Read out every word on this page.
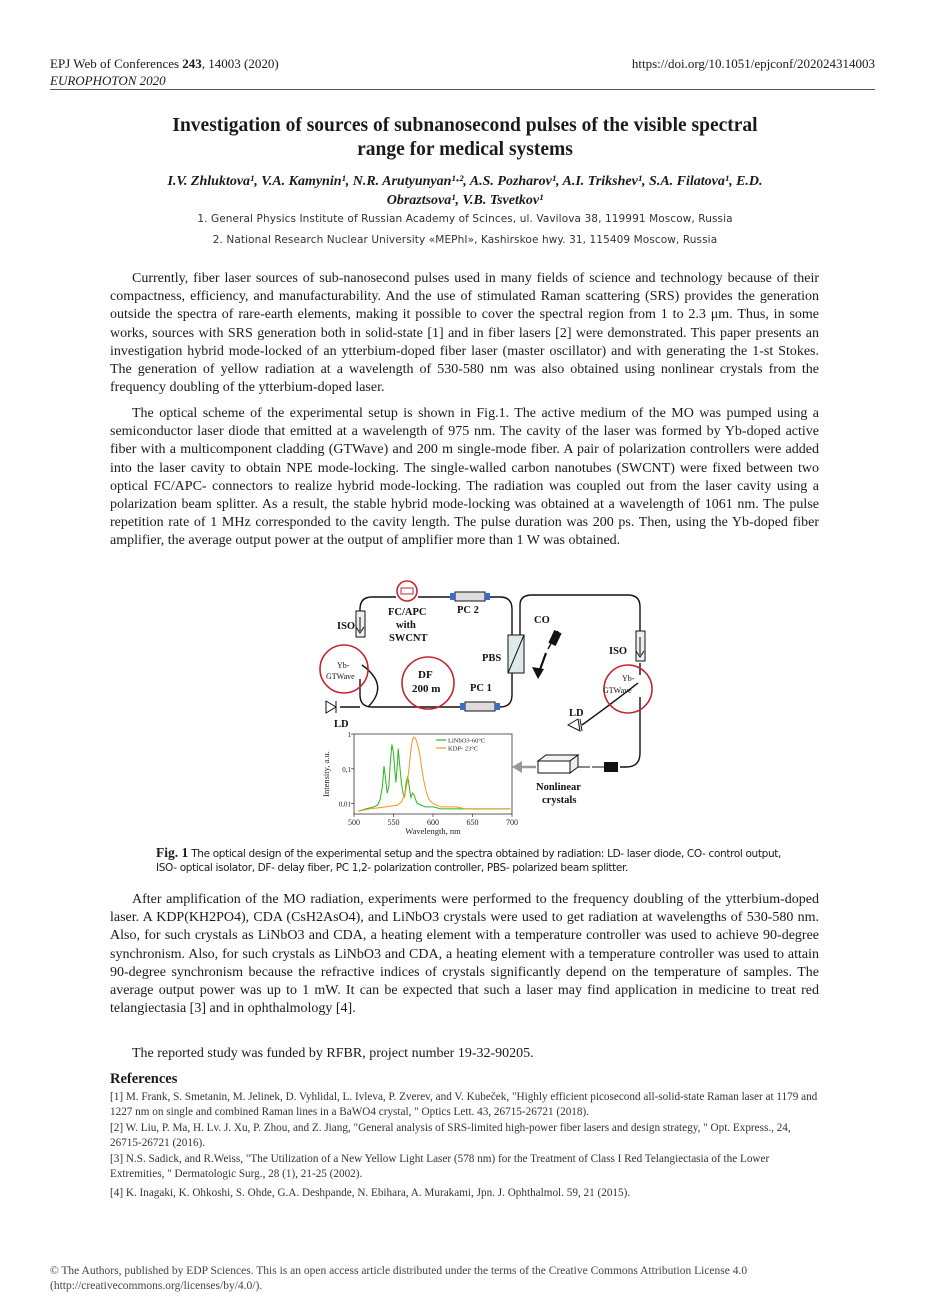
EPJ Web of Conferences 243, 14003 (2020)
EUROPHOTON 2020
https://doi.org/10.1051/epjconf/202024314003
Investigation of sources of subnanosecond pulses of the visible spectral
range for medical systems
I.V. Zhluktova¹, V.A. Kamynin¹, N.R. Arutyunyan¹·², A.S. Pozharov¹, A.I. Trikshev¹, S.A. Filatova¹, E.D.
Obraztsova¹, V.B. Tsvetkov¹
1. General Physics Institute of Russian Academy of Scinces, ul. Vavilova 38, 119991 Moscow, Russia
2. National Research Nuclear University «MEPhI», Kashirskoe hwy. 31, 115409 Moscow, Russia

Currently, fiber laser sources of sub-nanosecond pulses used in many fields of science and technology because of their compactness, efficiency, and manufacturability. And the use of stimulated Raman scattering (SRS) provides the generation outside the spectra of rare-earth elements, making it possible to cover the spectral region from 1 to 2.3 μm. Thus, in some works, sources with SRS generation both in solid-state [1] and in fiber lasers [2] were demonstrated. This paper presents an investigation hybrid mode-locked of an ytterbium-doped fiber laser (master oscillator) and with generating the 1-st Stokes. The generation of yellow radiation at a wavelength of 530-580 nm was also obtained using nonlinear crystals from the frequency doubling of the ytterbium-doped laser.

The optical scheme of the experimental setup is shown in Fig.1. The active medium of the MO was pumped using a semiconductor laser diode that emitted at a wavelength of 975 nm. The cavity of the laser was formed by Yb-doped active fiber with a multicomponent cladding (GTWave) and 200 m single-mode fiber. A pair of polarization controllers were added into the laser cavity to obtain NPE mode-locking. The single-walled carbon nanotubes (SWCNT) were fixed between two optical FC/APC- connectors to realize hybrid mode-locking. The radiation was coupled out from the laser cavity using a polarization beam splitter. As a result, the stable hybrid mode-locking was obtained at a wavelength of 1061 nm. The pulse repetition rate of 1 MHz corresponded to the cavity length. The pulse duration was 200 ps. Then, using the Yb-doped fiber amplifier, the average output power at the output of amplifier more than 1 W was obtained.

FC/APC
with
SWCNT
PC 2
PC 1
CO
ISO
ISO
PBS
DF
200 m
LD
LD
Nonlinear
crystals
Yb-
GTWave	Yb-
GTWave
500	550	600	650	700
0,01
0,1
1
Wavelength, nm
Intensity, a.u.
LiNbO3-60°C
KDP- 23°C
Fig. 1 The optical design of the experimental setup and the spectra obtained by radiation: LD- laser diode, CO- control output, ISO- optical isolator, DF- delay fiber, PC 1,2- polarization controller, PBS- polarized beam splitter.

After amplification of the MO radiation, experiments were performed to the frequency doubling of the ytterbium-doped laser. A KDP(KH2PO4), CDA (CsH2AsO4), and LiNbO3 crystals were used to get radiation at wavelengths of 530-580 nm. Also, for such crystals as LiNbO3 and CDA, a heating element with a temperature controller was used to achieve 90-degree synchronism. Also, for such crystals as LiNbO3 and CDA, a heating element with a temperature controller was used to attain 90-degree synchronism because the refractive indices of crystals significantly depend on the temperature of samples. The average output power was up to 1 mW. It can be expected that such a laser may find application in medicine to treat red telangiectasia [3] and in ophthalmology [4].

The reported study was funded by RFBR, project number 19-32-90205.

References
[1] M. Frank, S. Smetanin, M. Jelinek, D. Vyhlidal, L. Ivleva, P. Zverev, and V. Kubeček, "Highly efficient picosecond all-solid-state Raman laser at 1179 and 1227 nm on single and combined Raman lines in a BaWO4 crystal, " Optics Lett. 43, 26715-26721 (2018).
[2] W. Liu, P. Ma, H. Lv. J. Xu, P. Zhou, and Z. Jiang, "General analysis of SRS-limited high-power fiber lasers and design strategy, " Opt. Express., 24, 26715-26721 (2016).
[3] N.S. Sadick, and R.Weiss, "The Utilization of a New Yellow Light Laser (578 nm) for the Treatment of Class I Red Telangiectasia of the Lower Extremities, " Dermatologic Surg., 28 (1), 21-25 (2002).
[4] K. Inagaki, K. Ohkoshi, S. Ohde, G.A. Deshpande, N. Ebihara, A. Murakami, Jpn. J. Ophthalmol. 59, 21 (2015).
© The Authors, published by EDP Sciences. This is an open access article distributed under the terms of the Creative Commons Attribution License 4.0
(http://creativecommons.org/licenses/by/4.0/).
